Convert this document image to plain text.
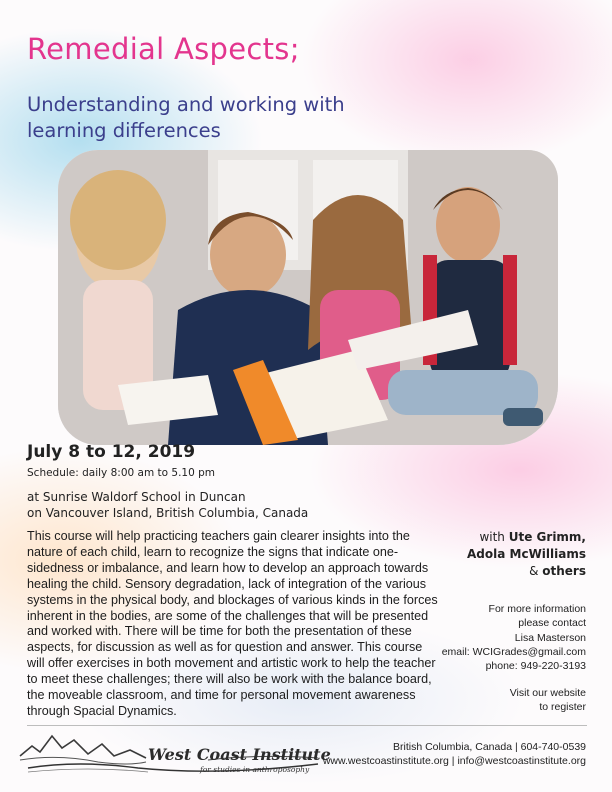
Remedial Aspects;
Understanding and working with
learning differences
July 8 to 12, 2019
Schedule: daily 8:00 am to 5.10 pm
at Sunrise Waldorf School in Duncan
on Vancouver Island, British Columbia, Canada

This course will help practicing teachers gain clearer insights into the nature of each child, learn to recognize the signs that indicate one-sidedness or imbalance, and learn how to develop an approach towards healing the child. Sensory degradation, lack of integration of the various systems in the physical body, and blockages of various kinds in the forces inherent in the bodies, are some of the challenges that will be presented and worked with. There will be time for both the presentation of these aspects, for discussion as well as for question and answer. This course will offer exercises in both movement and artistic work to help the teacher to meet these challenges; there will also be work with the balance board, the moveable classroom, and time for personal movement awareness through Spacial Dynamics.

with Ute Grimm,
Adola McWilliams
& others
For more information
please contact
Lisa Masterson
email: WCIGrades@gmail.com
phone: 949-220-3193
Visit our website
to register
West Coast Institute
for studies in anthroposophy
British Columbia, Canada | 604-740-0539
www.westcoastinstitute.org | info@westcoastinstitute.org
